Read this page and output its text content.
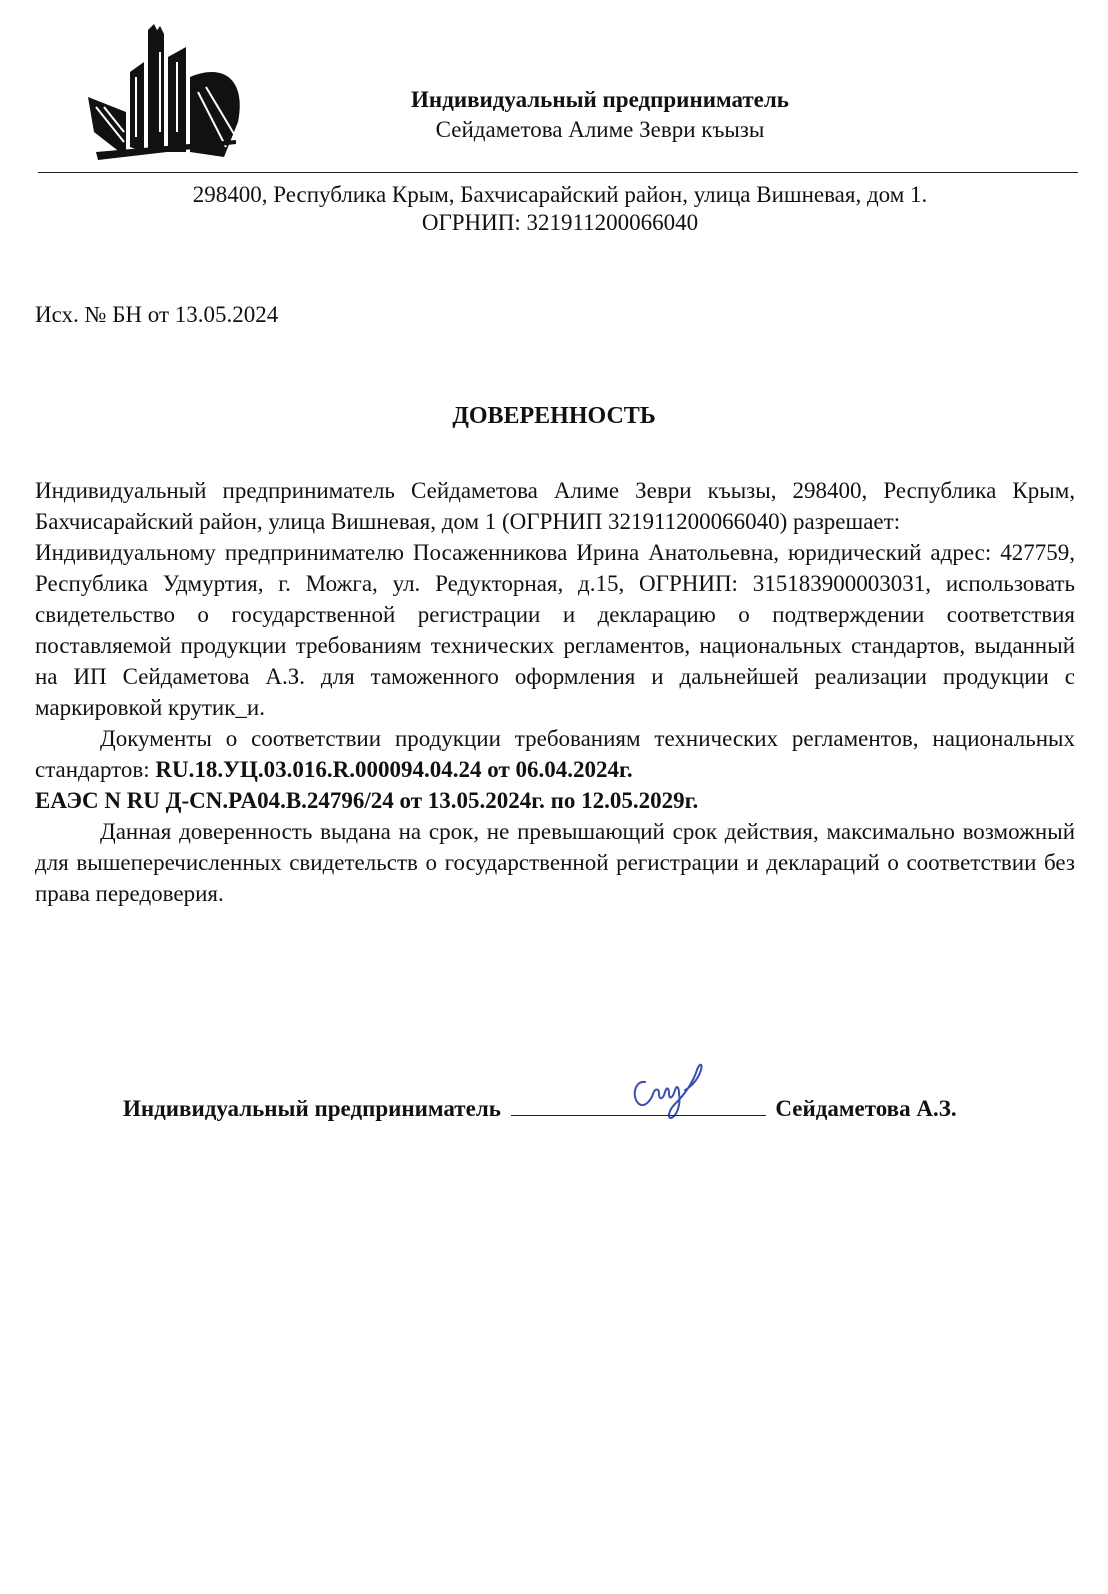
Индивидуальный предприниматель
Сейдаметова Алиме Зеври къызы
298400, Республика Крым, Бахчисарайский район, улица Вишневая, дом 1.
ОГРНИП: 321911200066040
Исх. № БН от 13.05.2024
ДОВЕРЕННОСТЬ

Индивидуальный предприниматель Сейдаметова Алиме Зеври къызы, 298400, Республика Крым, Бахчисарайский район, улица Вишневая, дом 1 (ОГРНИП 321911200066040) разрешает:

Индивидуальному предпринимателю Посаженникова Ирина Анатольевна, юридический адрес: 427759, Республика Удмуртия, г. Можга, ул. Редукторная, д.15, ОГРНИП: 315183900003031, использовать свидетельство о государственной регистрации и декларацию о подтверждении соответствия поставляемой продукции требованиям технических регламентов, национальных стандартов, выданный на ИП Сейдаметова А.З. для таможенного оформления и дальнейшей реализации продукции с маркировкой крутик_и.

Документы о соответствии продукции требованиям технических регламентов, национальных стандартов: RU.18.УЦ.03.016.R.000094.04.24 от 06.04.2024г.

ЕАЭС N RU Д-CN.PA04.B.24796/24 от 13.05.2024г. по 12.05.2029г.

Данная доверенность выдана на срок, не превышающий срок действия, максимально возможный для вышеперечисленных свидетельств о государственной регистрации и деклараций о соответствии без права передоверия.

Индивидуальный предприниматель	Сейдаметова А.З.
